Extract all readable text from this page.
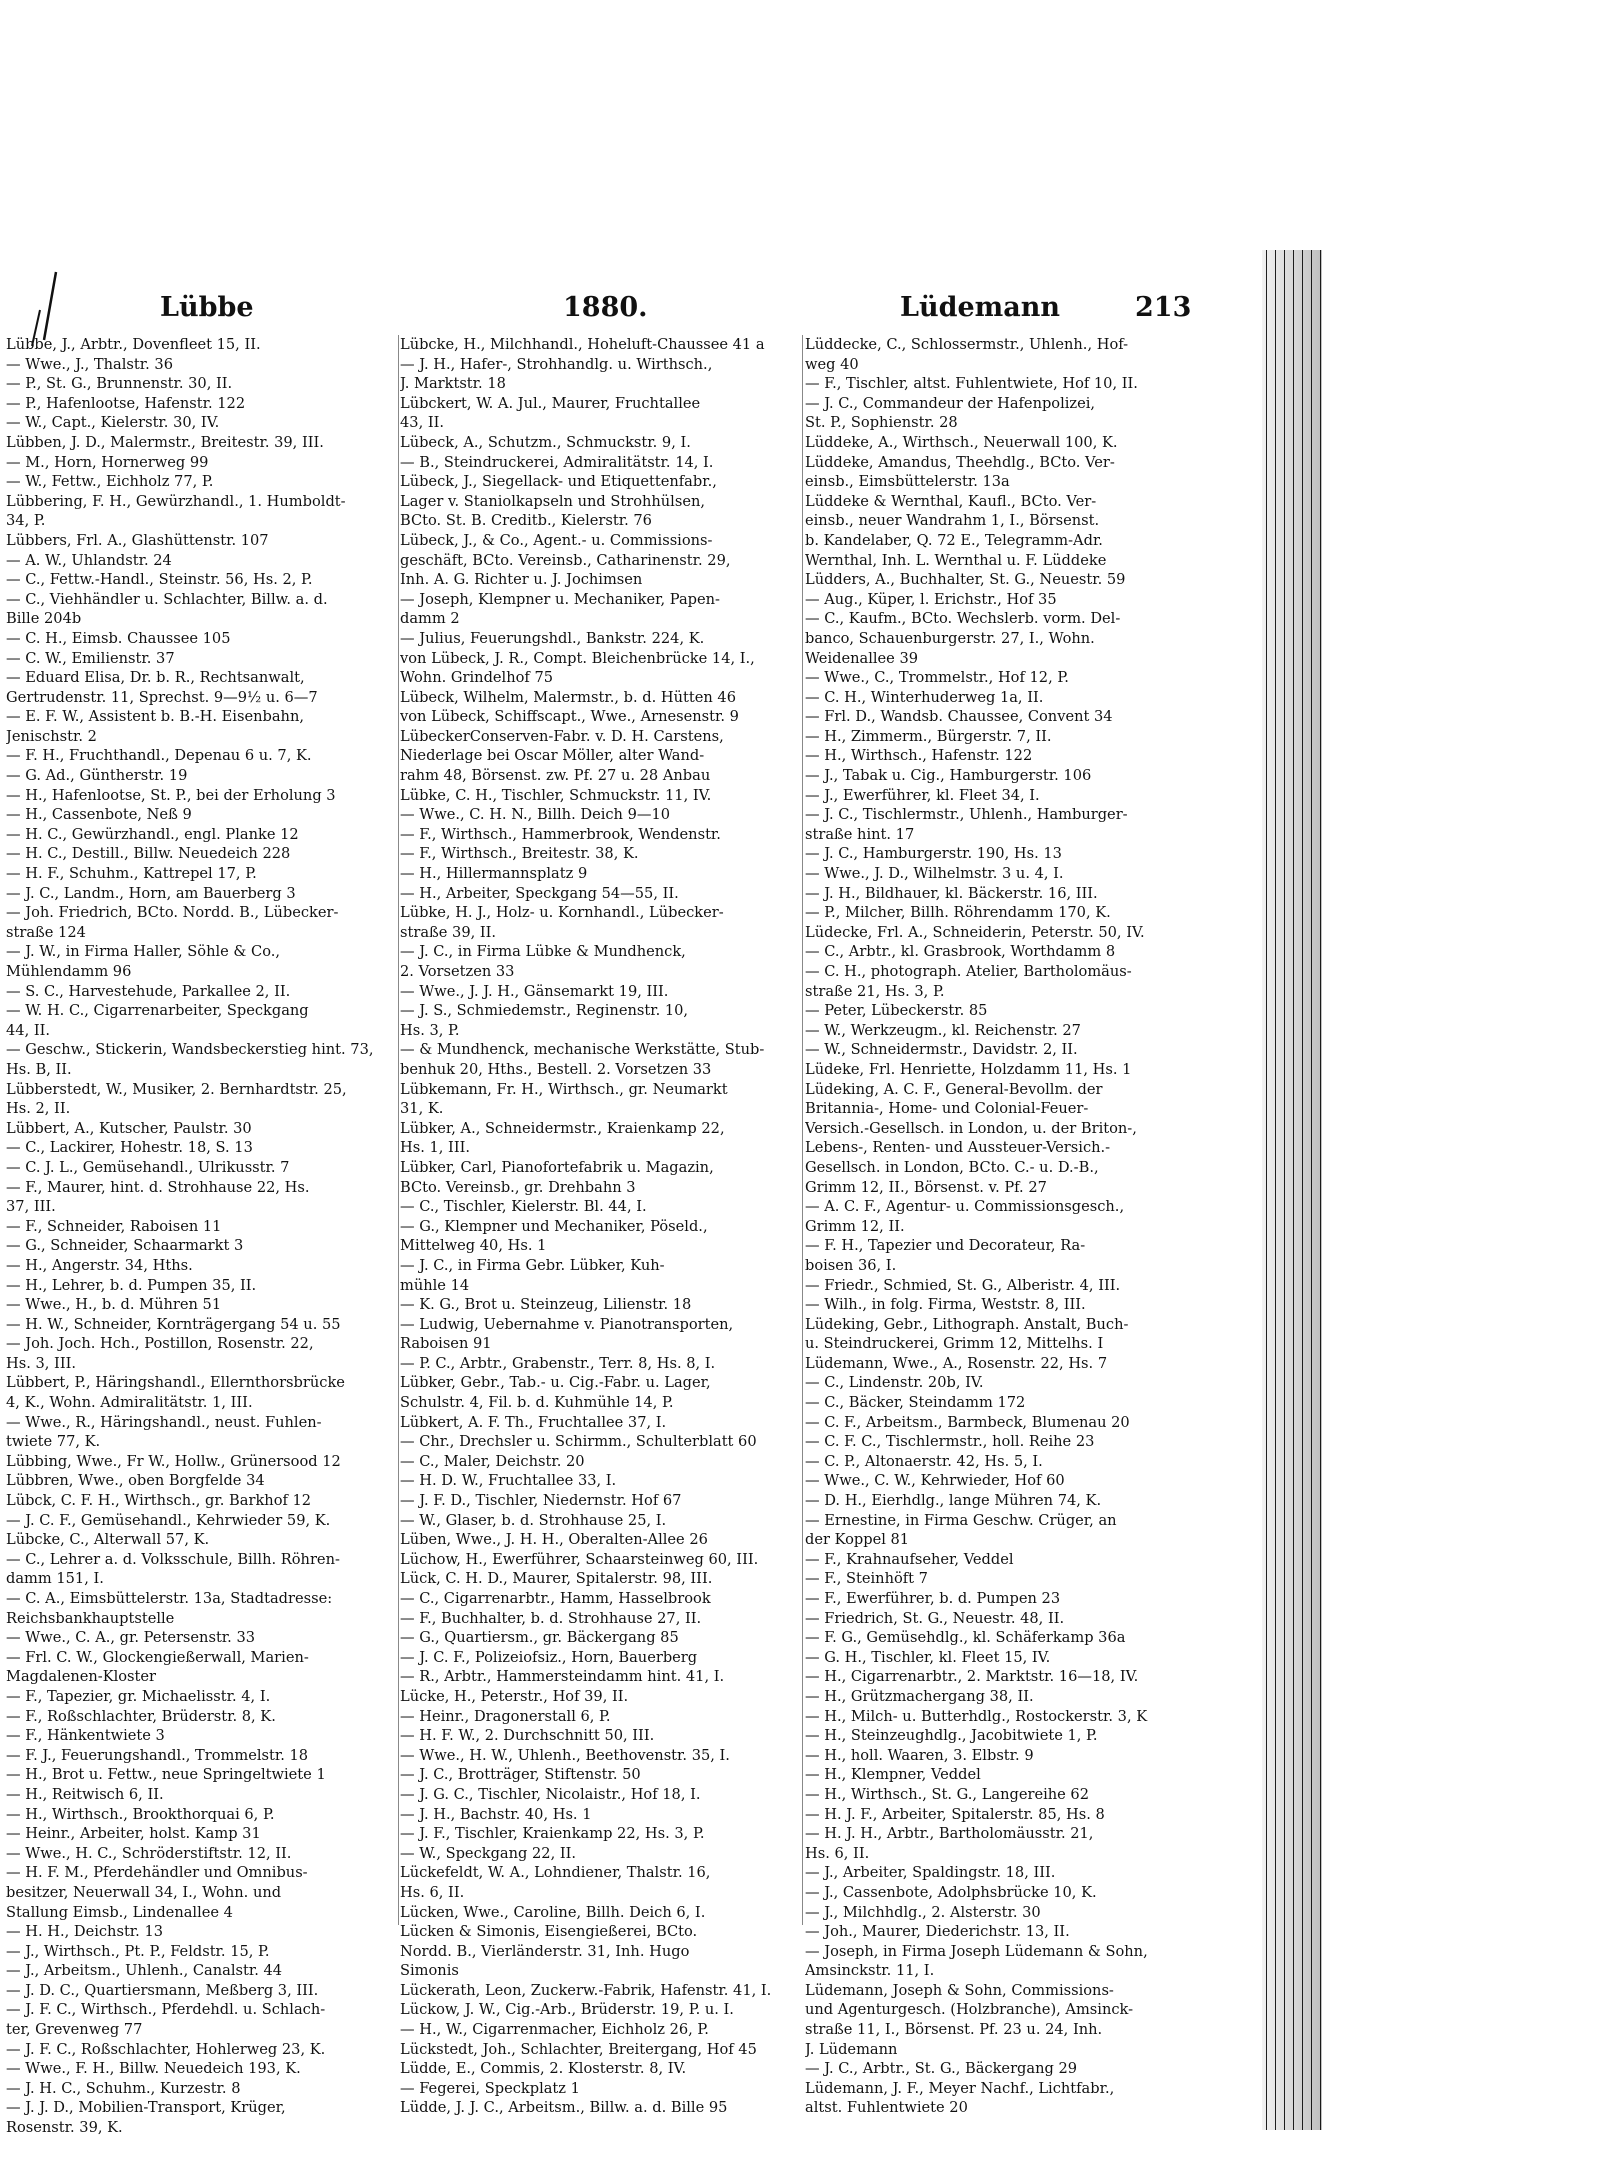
Lübbe	1880.	Lüdemann	213
Lübbe, J., Arbtr., Dovenfleet 15, II.
— Wwe., J., Thalstr. 36
— P., St. G., Brunnenstr. 30, II.
— P., Hafenlootse, Hafenstr. 122
— W., Capt., Kielerstr. 30, IV.
Lübben, J. D., Malermstr., Breitestr. 39, III.
— M., Horn, Hornerweg 99
— W., Fettw., Eichholz 77, P.
Lübbering, F. H., Gewürzhandl., 1. Humboldt-
34, P.
Lübbers, Frl. A., Glashüttenstr. 107
— A. W., Uhlandstr. 24
— C., Fettw.-Handl., Steinstr. 56, Hs. 2, P.
— C., Viehhändler u. Schlachter, Billw. a. d.
Bille 204b
— C. H., Eimsb. Chaussee 105
— C. W., Emilienstr. 37
— Eduard Elisa, Dr. b. R., Rechtsanwalt,
Gertrudenstr. 11, Sprechst. 9—9½ u. 6—7
— E. F. W., Assistent b. B.-H. Eisenbahn,
Jenischstr. 2
— F. H., Fruchthandl., Depenau 6 u. 7, K.
— G. Ad., Güntherstr. 19
— H., Hafenlootse, St. P., bei der Erholung 3
— H., Cassenbote, Neß 9
— H. C., Gewürzhandl., engl. Planke 12
— H. C., Destill., Billw. Neuedeich 228
— H. F., Schuhm., Kattrepel 17, P.
— J. C., Landm., Horn, am Bauerberg 3
— Joh. Friedrich, BCto. Nordd. B., Lübecker-
straße 124
— J. W., in Firma Haller, Söhle & Co.,
Mühlendamm 96
— S. C., Harvestehude, Parkallee 2, II.
— W. H. C., Cigarrenarbeiter, Speckgang
44, II.
— Geschw., Stickerin, Wandsbeckerstieg hint. 73,
Hs. B, II.
Lübberstedt, W., Musiker, 2. Bernhardtstr. 25,
Hs. 2, II.
Lübbert, A., Kutscher, Paulstr. 30
— C., Lackirer, Hohestr. 18, S. 13
— C. J. L., Gemüsehandl., Ulrikusstr. 7
— F., Maurer, hint. d. Strohhause 22, Hs.
37, III.
— F., Schneider, Raboisen 11
— G., Schneider, Schaarmarkt 3
— H., Angerstr. 34, Hths.
— H., Lehrer, b. d. Pumpen 35, II.
— Wwe., H., b. d. Mühren 51
— H. W., Schneider, Kornträgergang 54 u. 55
— Joh. Joch. Hch., Postillon, Rosenstr. 22,
Hs. 3, III.
Lübbert, P., Häringshandl., Ellernthorsbrücke
4, K., Wohn. Admiralitätstr. 1, III.
— Wwe., R., Häringshandl., neust. Fuhlen-
twiete 77, K.
Lübbing, Wwe., Fr W., Hollw., Grünersood 12
Lübbren, Wwe., oben Borgfelde 34
Lübck, C. F. H., Wirthsch., gr. Barkhof 12
— J. C. F., Gemüsehandl., Kehrwieder 59, K.
Lübcke, C., Alterwall 57, K.
— C., Lehrer a. d. Volksschule, Billh. Röhren-
damm 151, I.
— C. A., Eimsbüttelerstr. 13a, Stadtadresse:
Reichsbankhauptstelle
— Wwe., C. A., gr. Petersenstr. 33
— Frl. C. W., Glockengießerwall, Marien-
Magdalenen-Kloster
— F., Tapezier, gr. Michaelisstr. 4, I.
— F., Roßschlachter, Brüderstr. 8, K.
— F., Hänkentwiete 3
— F. J., Feuerungshandl., Trommelstr. 18
— H., Brot u. Fettw., neue Springeltwiete 1
— H., Reitwisch 6, II.
— H., Wirthsch., Brookthorquai 6, P.
— Heinr., Arbeiter, holst. Kamp 31
— Wwe., H. C., Schröderstiftstr. 12, II.
— H. F. M., Pferdehändler und Omnibus-
besitzer, Neuerwall 34, I., Wohn. und
Stallung Eimsb., Lindenallee 4
— H. H., Deichstr. 13
— J., Wirthsch., Pt. P., Feldstr. 15, P.
— J., Arbeitsm., Uhlenh., Canalstr. 44
— J. D. C., Quartiersmann, Meßberg 3, III.
— J. F. C., Wirthsch., Pferdehdl. u. Schlach-
ter, Grevenweg 77
— J. F. C., Roßschlachter, Hohlerweg 23, K.
— Wwe., F. H., Billw. Neuedeich 193, K.
— J. H. C., Schuhm., Kurzestr. 8
— J. J. D., Mobilien-Transport, Krüger,
Rosenstr. 39, K.
Lübcke, H., Milchhandl., Hoheluft-Chaussee 41 a
— J. H., Hafer-, Strohhandlg. u. Wirthsch.,
J. Marktstr. 18
Lübckert, W. A. Jul., Maurer, Fruchtallee
43, II.
Lübeck, A., Schutzm., Schmuckstr. 9, I.
— B., Steindruckerei, Admiralitätstr. 14, I.
Lübeck, J., Siegellack- und Etiquettenfabr.,
Lager v. Staniolkapseln und Strohhülsen,
BCto. St. B. Creditb., Kielerstr. 76
Lübeck, J., & Co., Agent.- u. Commissions-
geschäft, BCto. Vereinsb., Catharinenstr. 29,
Inh. A. G. Richter u. J. Jochimsen
— Joseph, Klempner u. Mechaniker, Papen-
damm 2
— Julius, Feuerungshdl., Bankstr. 224, K.
von Lübeck, J. R., Compt. Bleichenbrücke 14, I.,
Wohn. Grindelhof 75
Lübeck, Wilhelm, Malermstr., b. d. Hütten 46
von Lübeck, Schiffscapt., Wwe., Arnesenstr. 9
LübeckerConserven-Fabr. v. D. H. Carstens,
Niederlage bei Oscar Möller, alter Wand-
rahm 48, Börsenst. zw. Pf. 27 u. 28 Anbau
Lübke, C. H., Tischler, Schmuckstr. 11, IV.
— Wwe., C. H. N., Billh. Deich 9—10
— F., Wirthsch., Hammerbrook, Wendenstr.
— F., Wirthsch., Breitestr. 38, K.
— H., Hillermannsplatz 9
— H., Arbeiter, Speckgang 54—55, II.
Lübke, H. J., Holz- u. Kornhandl., Lübecker-
straße 39, II.
— J. C., in Firma Lübke & Mundhenck,
2. Vorsetzen 33
— Wwe., J. J. H., Gänsemarkt 19, III.
— J. S., Schmiedemstr., Reginenstr. 10,
Hs. 3, P.
— & Mundhenck, mechanische Werkstätte, Stub-
benhuk 20, Hths., Bestell. 2. Vorsetzen 33
Lübkemann, Fr. H., Wirthsch., gr. Neumarkt
31, K.
Lübker, A., Schneidermstr., Kraienkamp 22,
Hs. 1, III.
Lübker, Carl, Pianofortefabrik u. Magazin,
BCto. Vereinsb., gr. Drehbahn 3
— C., Tischler, Kielerstr. Bl. 44, I.
— G., Klempner und Mechaniker, Pöseld.,
Mittelweg 40, Hs. 1
— J. C., in Firma Gebr. Lübker, Kuh-
mühle 14
— K. G., Brot u. Steinzeug, Lilienstr. 18
— Ludwig, Uebernahme v. Pianotransporten,
Raboisen 91
— P. C., Arbtr., Grabenstr., Terr. 8, Hs. 8, I.
Lübker, Gebr., Tab.- u. Cig.-Fabr. u. Lager,
Schulstr. 4, Fil. b. d. Kuhmühle 14, P.
Lübkert, A. F. Th., Fruchtallee 37, I.
— Chr., Drechsler u. Schirmm., Schulterblatt 60
— C., Maler, Deichstr. 20
— H. D. W., Fruchtallee 33, I.
— J. F. D., Tischler, Niedernstr. Hof 67
— W., Glaser, b. d. Strohhause 25, I.
Lüben, Wwe., J. H. H., Oberalten-Allee 26
Lüchow, H., Ewerführer, Schaarsteinweg 60, III.
Lück, C. H. D., Maurer, Spitalerstr. 98, III.
— C., Cigarrenarbtr., Hamm, Hasselbrook
— F., Buchhalter, b. d. Strohhause 27, II.
— G., Quartiersm., gr. Bäckergang 85
— J. C. F., Polizeiofsiz., Horn, Bauerberg
— R., Arbtr., Hammersteindamm hint. 41, I.
Lücke, H., Peterstr., Hof 39, II.
— Heinr., Dragonerstall 6, P.
— H. F. W., 2. Durchschnitt 50, III.
— Wwe., H. W., Uhlenh., Beethovenstr. 35, I.
— J. C., Brotträger, Stiftenstr. 50
— J. G. C., Tischler, Nicolaistr., Hof 18, I.
— J. H., Bachstr. 40, Hs. 1
— J. F., Tischler, Kraienkamp 22, Hs. 3, P.
— W., Speckgang 22, II.
Lückefeldt, W. A., Lohndiener, Thalstr. 16,
Hs. 6, II.
Lücken, Wwe., Caroline, Billh. Deich 6, I.
Lücken & Simonis, Eisengießerei, BCto.
Nordd. B., Vierländerstr. 31, Inh. Hugo
Simonis
Lückerath, Leon, Zuckerw.-Fabrik, Hafenstr. 41, I.
Lückow, J. W., Cig.-Arb., Brüderstr. 19, P. u. I.
— H., W., Cigarrenmacher, Eichholz 26, P.
Lückstedt, Joh., Schlachter, Breitergang, Hof 45
Lüdde, E., Commis, 2. Klosterstr. 8, IV.
— Fegerei, Speckplatz 1
Lüdde, J. J. C., Arbeitsm., Billw. a. d. Bille 95
Lüddecke, C., Schlossermstr., Uhlenh., Hof-
weg 40
— F., Tischler, altst. Fuhlentwiete, Hof 10, II.
— J. C., Commandeur der Hafenpolizei,
St. P., Sophienstr. 28
Lüddeke, A., Wirthsch., Neuerwall 100, K.
Lüddeke, Amandus, Theehdlg., BCto. Ver-
einsb., Eimsbüttelerstr. 13a
Lüddeke & Wernthal, Kaufl., BCto. Ver-
einsb., neuer Wandrahm 1, I., Börsenst.
b. Kandelaber, Q. 72 E., Telegramm-Adr.
Wernthal, Inh. L. Wernthal u. F. Lüddeke
Lüdders, A., Buchhalter, St. G., Neuestr. 59
— Aug., Küper, l. Erichstr., Hof 35
— C., Kaufm., BCto. Wechslerb. vorm. Del-
banco, Schauenburgerstr. 27, I., Wohn.
Weidenallee 39
— Wwe., C., Trommelstr., Hof 12, P.
— C. H., Winterhuderweg 1a, II.
— Frl. D., Wandsb. Chaussee, Convent 34
— H., Zimmerm., Bürgerstr. 7, II.
— H., Wirthsch., Hafenstr. 122
— J., Tabak u. Cig., Hamburgerstr. 106
— J., Ewerführer, kl. Fleet 34, I.
— J. C., Tischlermstr., Uhlenh., Hamburger-
straße hint. 17
— J. C., Hamburgerstr. 190, Hs. 13
— Wwe., J. D., Wilhelmstr. 3 u. 4, I.
— J. H., Bildhauer, kl. Bäckerstr. 16, III.
— P., Milcher, Billh. Röhrendamm 170, K.
Lüdecke, Frl. A., Schneiderin, Peterstr. 50, IV.
— C., Arbtr., kl. Grasbrook, Worthdamm 8
— C. H., photograph. Atelier, Bartholomäus-
straße 21, Hs. 3, P.
— Peter, Lübeckerstr. 85
— W., Werkzeugm., kl. Reichenstr. 27
— W., Schneidermstr., Davidstr. 2, II.
Lüdeke, Frl. Henriette, Holzdamm 11, Hs. 1
Lüdeking, A. C. F., General-Bevollm. der
Britannia-, Home- und Colonial-Feuer-
Versich.-Gesellsch. in London, u. der Briton-,
Lebens-, Renten- und Aussteuer-Versich.-
Gesellsch. in London, BCto. C.- u. D.-B.,
Grimm 12, II., Börsenst. v. Pf. 27
— A. C. F., Agentur- u. Commissionsgesch.,
Grimm 12, II.
— F. H., Tapezier und Decorateur, Ra-
boisen 36, I.
— Friedr., Schmied, St. G., Alberistr. 4, III.
— Wilh., in folg. Firma, Weststr. 8, III.
Lüdeking, Gebr., Lithograph. Anstalt, Buch-
u. Steindruckerei, Grimm 12, Mittelhs. I
Lüdemann, Wwe., A., Rosenstr. 22, Hs. 7
— C., Lindenstr. 20b, IV.
— C., Bäcker, Steindamm 172
— C. F., Arbeitsm., Barmbeck, Blumenau 20
— C. F. C., Tischlermstr., holl. Reihe 23
— C. P., Altonaerstr. 42, Hs. 5, I.
— Wwe., C. W., Kehrwieder, Hof 60
— D. H., Eierhdlg., lange Mühren 74, K.
— Ernestine, in Firma Geschw. Crüger, an
der Koppel 81
— F., Krahnaufseher, Veddel
— F., Steinhöft 7
— F., Ewerführer, b. d. Pumpen 23
— Friedrich, St. G., Neuestr. 48, II.
— F. G., Gemüsehdlg., kl. Schäferkamp 36a
— G. H., Tischler, kl. Fleet 15, IV.
— H., Cigarrenarbtr., 2. Marktstr. 16—18, IV.
— H., Grützmachergang 38, II.
— H., Milch- u. Butterhdlg., Rostockerstr. 3, K
— H., Steinzeughdlg., Jacobitwiete 1, P.
— H., holl. Waaren, 3. Elbstr. 9
— H., Klempner, Veddel
— H., Wirthsch., St. G., Langereihe 62
— H. J. F., Arbeiter, Spitalerstr. 85, Hs. 8
— H. J. H., Arbtr., Bartholomäusstr. 21,
Hs. 6, II.
— J., Arbeiter, Spaldingstr. 18, III.
— J., Cassenbote, Adolphsbrücke 10, K.
— J., Milchhdlg., 2. Alsterstr. 30
— Joh., Maurer, Diederichstr. 13, II.
— Joseph, in Firma Joseph Lüdemann & Sohn,
Amsinckstr. 11, I.
Lüdemann, Joseph & Sohn, Commissions-
und Agenturgesch. (Holzbranche), Amsinck-
straße 11, I., Börsenst. Pf. 23 u. 24, Inh.
J. Lüdemann
— J. C., Arbtr., St. G., Bäckergang 29
Lüdemann, J. F., Meyer Nachf., Lichtfabr.,
altst. Fuhlentwiete 20
